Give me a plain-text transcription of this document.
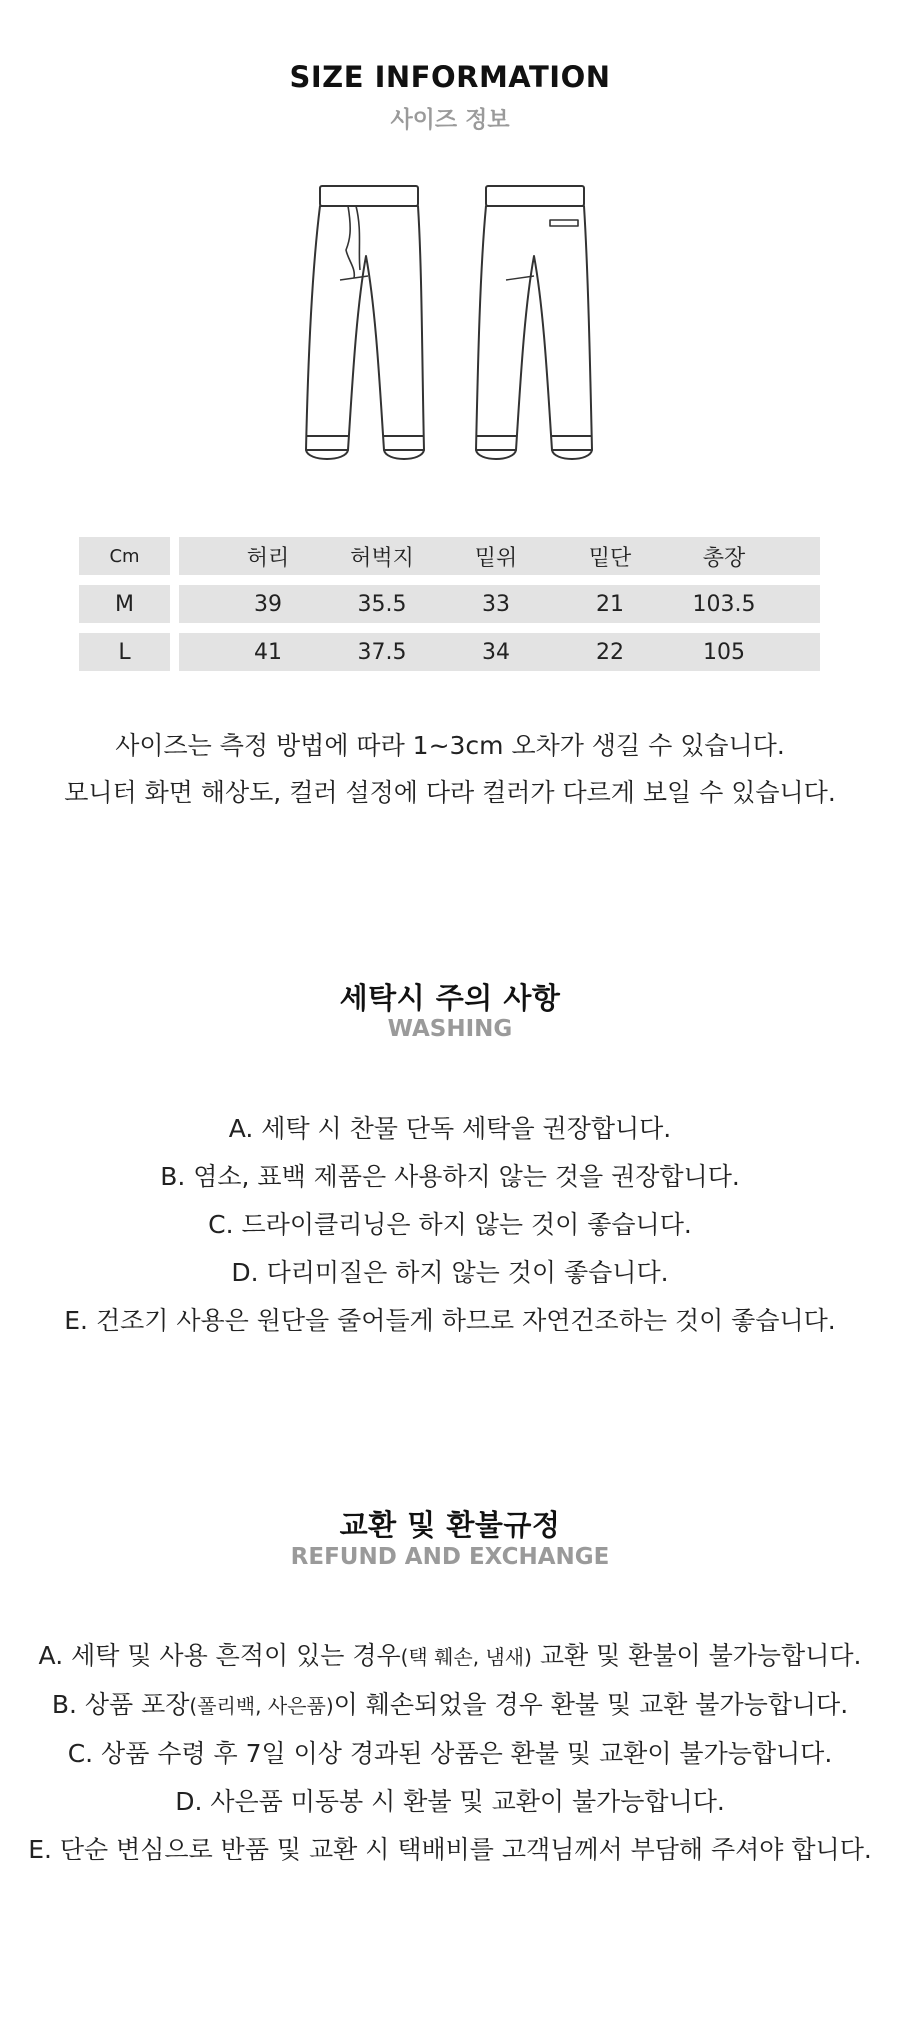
SIZE INFORMATION
사이즈 정보
Cm	허리	허벅지	밑위	밑단	총장
M	39	35.5	33	21	103.5
L	41	37.5	34	22	105
사이즈는 측정 방법에 따라 1~3cm 오차가 생길 수 있습니다.
모니터 화면 해상도, 컬러 설정에 다라 컬러가 다르게 보일 수 있습니다.
세탁시 주의 사항
WASHING
A. 세탁 시 찬물 단독 세탁을 권장합니다.
B. 염소, 표백 제품은 사용하지 않는 것을 권장합니다.
C. 드라이클리닝은 하지 않는 것이 좋습니다.
D. 다리미질은 하지 않는 것이 좋습니다.
E. 건조기 사용은 원단을 줄어들게 하므로 자연건조하는 것이 좋습니다.
교환 및 환불규정
REFUND AND EXCHANGE
A. 세탁 및 사용 흔적이 있는 경우(택 훼손, 냄새) 교환 및 환불이 불가능합니다.
B. 상품 포장(폴리백, 사은품)이 훼손되었을 경우 환불 및 교환 불가능합니다.
C. 상품 수령 후 7일 이상 경과된 상품은 환불 및 교환이 불가능합니다.
D. 사은품 미동봉 시 환불 및 교환이 불가능합니다.
E. 단순 변심으로 반품 및 교환 시 택배비를 고객님께서 부담해 주셔야 합니다.
